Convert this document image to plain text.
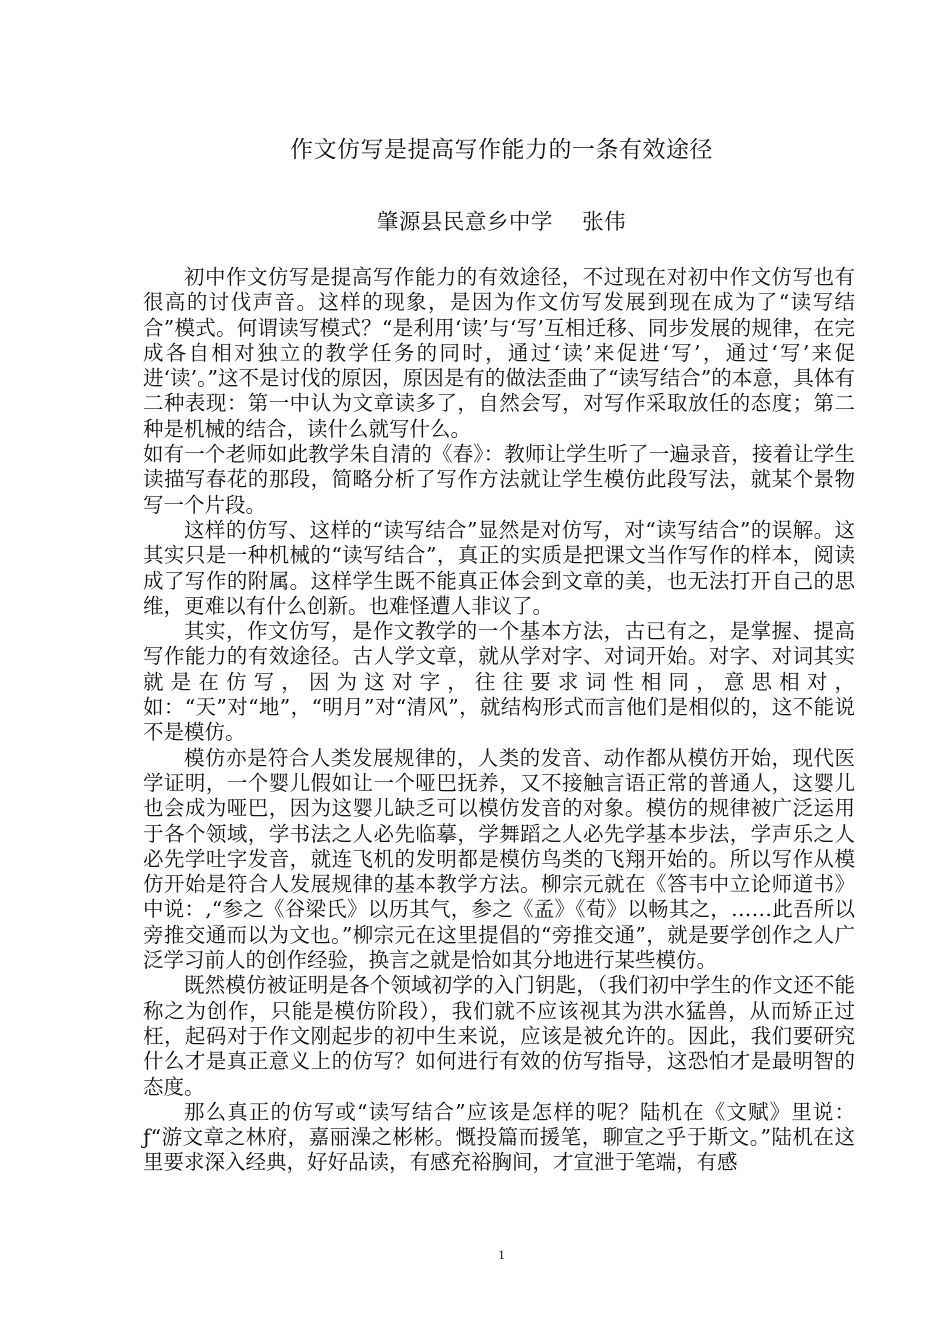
作文仿写是提高写作能力的一条有效途径
肇源县民意乡中学    张伟

初中作文仿写是提高写作能力的有效途径，不过现在对初中作文仿写也有很高的讨伐声音。这样的现象，是因为作文仿写发展到现在成为了“读写结合”模式。何谓读写模式？“是利用‘读’与‘写’互相迁移、同步发展的规律，在完成各自相对独立的教学任务的同时，通过‘读’来促进‘写’，通过‘写’来促进‘读’。”这不是讨伐的原因，原因是有的做法歪曲了“读写结合”的本意，具体有二种表现：第一中认为文章读多了，自然会写，对写作采取放任的态度；第二种是机械的结合，读什么就写什么。

如有一个老师如此教学朱自清的《春》：教师让学生听了一遍录音，接着让学生读描写春花的那段，简略分析了写作方法就让学生模仿此段写法，就某个景物写一个片段。

这样的仿写、这样的“读写结合”显然是对仿写，对“读写结合”的误解。这其实只是一种机械的“读写结合”，真正的实质是把课文当作写作的样本，阅读成了写作的附属。这样学生既不能真正体会到文章的美，也无法打开自己的思维，更难以有什么创新。也难怪遭人非议了。

其实，作文仿写，是作文教学的一个基本方法，古已有之，是掌握、提高写作能力的有效途径。古人学文章，就从学对字、对词开始。对字、对词其实就是在仿写，因为这对字，往往要求词性相同，意思相对，如：“天”对“地”，“明月”对“清风”，就结构形式而言他们是相似的，这不能说不是模仿。

模仿亦是符合人类发展规律的，人类的发音、动作都从模仿开始，现代医学证明，一个婴儿假如让一个哑巴抚养，又不接触言语正常的普通人，这婴儿也会成为哑巴，因为这婴儿缺乏可以模仿发音的对象。模仿的规律被广泛运用于各个领域，学书法之人必先临摹，学舞蹈之人必先学基本步法，学声乐之人必先学吐字发音，就连飞机的发明都是模仿鸟类的飞翔开始的。所以写作从模仿开始是符合人发展规律的基本教学方法。柳宗元就在《答韦中立论师道书》中说：,“参之《谷梁氏》以历其气，参之《孟》《荀》以畅其之，……此吾所以旁推交通而以为文也。”柳宗元在这里提倡的“旁推交通”，就是要学创作之人广泛学习前人的创作经验，换言之就是恰如其分地进行某些模仿。

既然模仿被证明是各个领域初学的入门钥匙，（我们初中学生的作文还不能称之为创作，只能是模仿阶段），我们就不应该视其为洪水猛兽，从而矫正过枉，起码对于作文刚起步的初中生来说，应该是被允许的。因此，我们要研究什么才是真正意义上的仿写？如何进行有效的仿写指导，这恐怕才是最明智的态度。

那么真正的仿写或“读写结合”应该是怎样的呢？陆机在《文赋》里说：ƒ“游文章之林府，嘉丽澡之彬彬。慨投篇而援笔，聊宣之乎于斯文。”陆机在这里要求深入经典，好好品读，有感充裕胸间，才宣泄于笔端，有感

1
